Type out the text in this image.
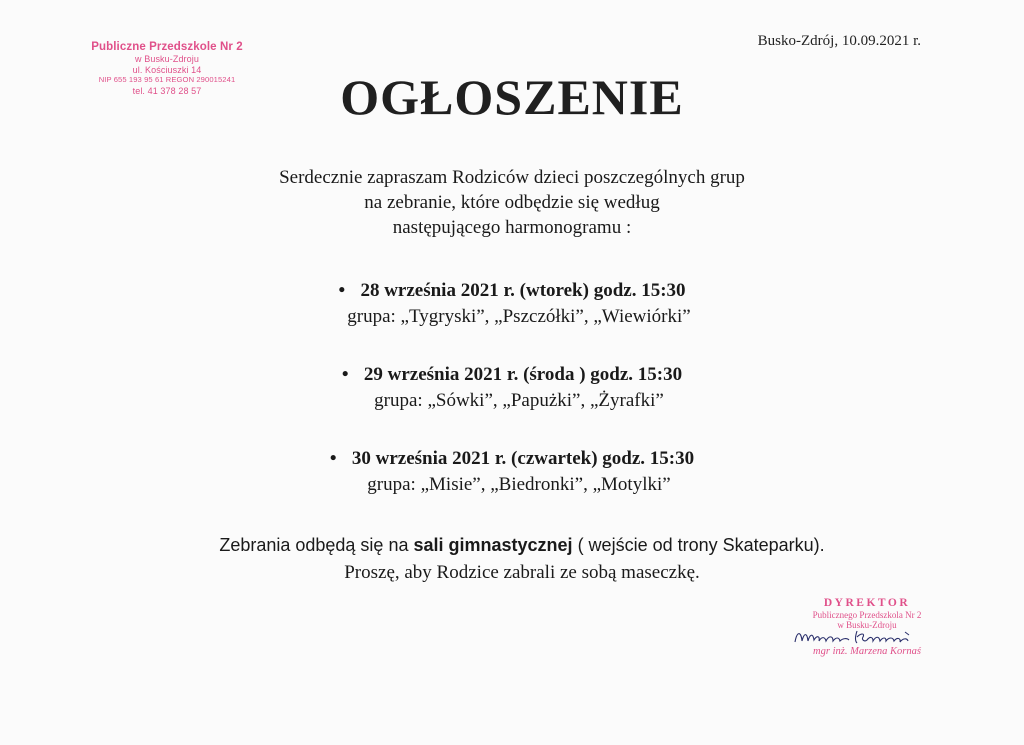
Publiczne Przedszkole Nr 2
w Busku-Zdroju
ul. Kościuszki 14
NIP 655 193 95 61 REGON 290015241
tel. 41 378 28 57
Busko-Zdrój, 10.09.2021 r.
OGŁOSZENIE
Serdecznie zapraszam Rodziców dzieci poszczególnych grup
na zebranie, które odbędzie się według
następującego harmonogramu :
• 28 września 2021 r. (wtorek) godz. 15:30
grupa: „Tygryski”, „Pszczółki”, „Wiewiórki”
• 29 września 2021 r. (środa ) godz. 15:30
grupa: „Sówki”, „Papużki”, „Żyrafki”
• 30 września 2021 r. (czwartek) godz. 15:30
grupa: „Misie”, „Biedronki”, „Motylki”
Zebrania odbędą się na sali gimnastycznej ( wejście od trony Skateparku).
Proszę, aby Rodzice zabrali ze sobą maseczkę.
DYREKTOR
Publicznego Przedszkola Nr 2
w Busku-Zdroju
mgr inż. Marzena Kornaś
